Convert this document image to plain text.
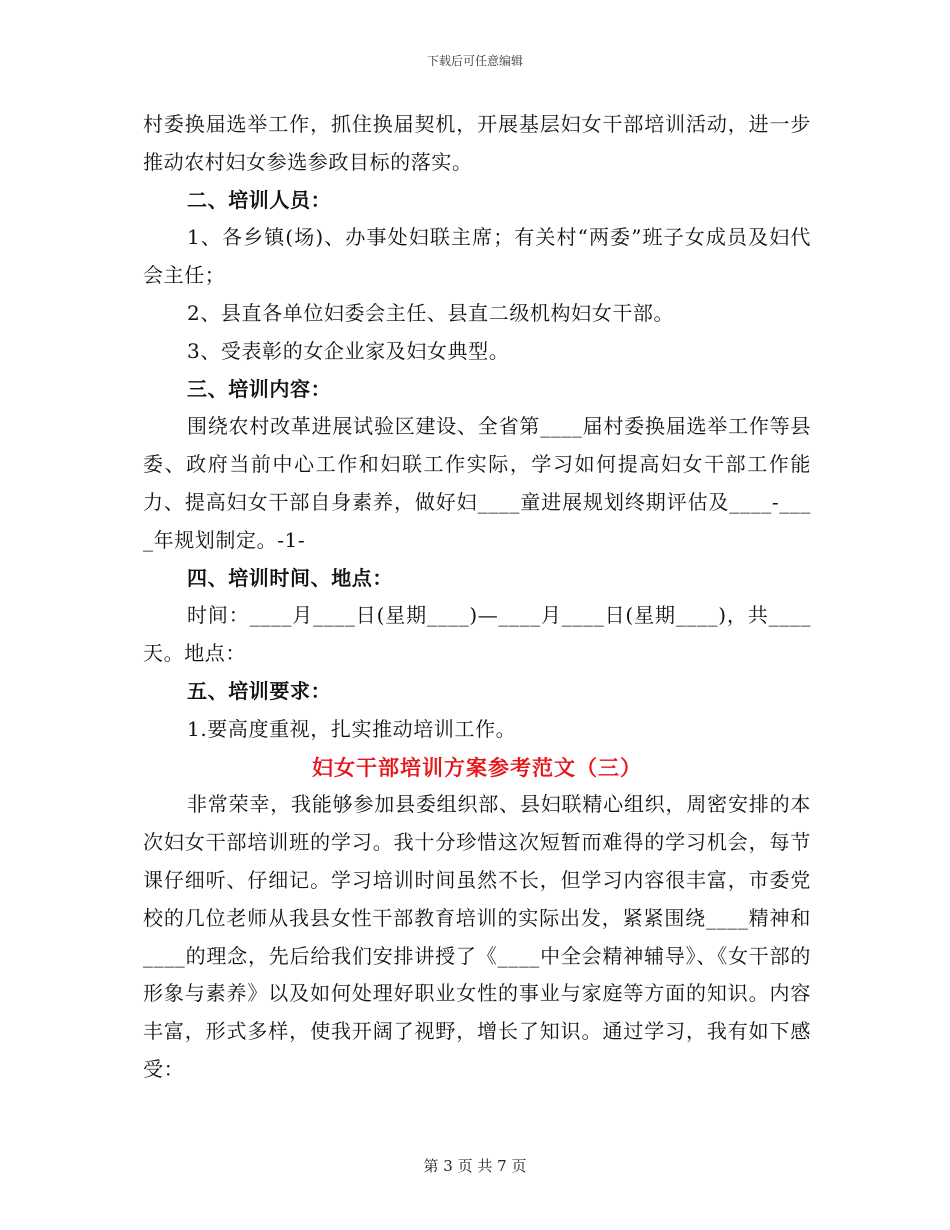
下载后可任意编辑

村委换届选举工作，抓住换届契机，开展基层妇女干部培训活动，进一步推动农村妇女参选参政目标的落实。

二、培训人员：

1、各乡镇(场)、办事处妇联主席；有关村“两委”班子女成员及妇代会主任；

2、县直各单位妇委会主任、县直二级机构妇女干部。

3、受表彰的女企业家及妇女典型。

三、培训内容：

围绕农村改革进展试验区建设、全省第____届村委换届选举工作等县委、政府当前中心工作和妇联工作实际，学习如何提高妇女干部工作能力、提高妇女干部自身素养，做好妇____童进展规划终期评估及____-____年规划制定。-1-

四、培训时间、地点：

时间：____月____日(星期____)—____月____日(星期____)，共____天。地点：

五、培训要求：

1.要高度重视，扎实推动培训工作。

妇女干部培训方案参考范文（三）

非常荣幸，我能够参加县委组织部、县妇联精心组织，周密安排的本次妇女干部培训班的学习。我十分珍惜这次短暂而难得的学习机会，每节课仔细听、仔细记。学习培训时间虽然不长，但学习内容很丰富，市委党校的几位老师从我县女性干部教育培训的实际出发，紧紧围绕____精神和____的理念，先后给我们安排讲授了《____中全会精神辅导》、《女干部的形象与素养》以及如何处理好职业女性的事业与家庭等方面的知识。内容丰富，形式多样，使我开阔了视野，增长了知识。通过学习，我有如下感受：

第 3 页 共 7 页
